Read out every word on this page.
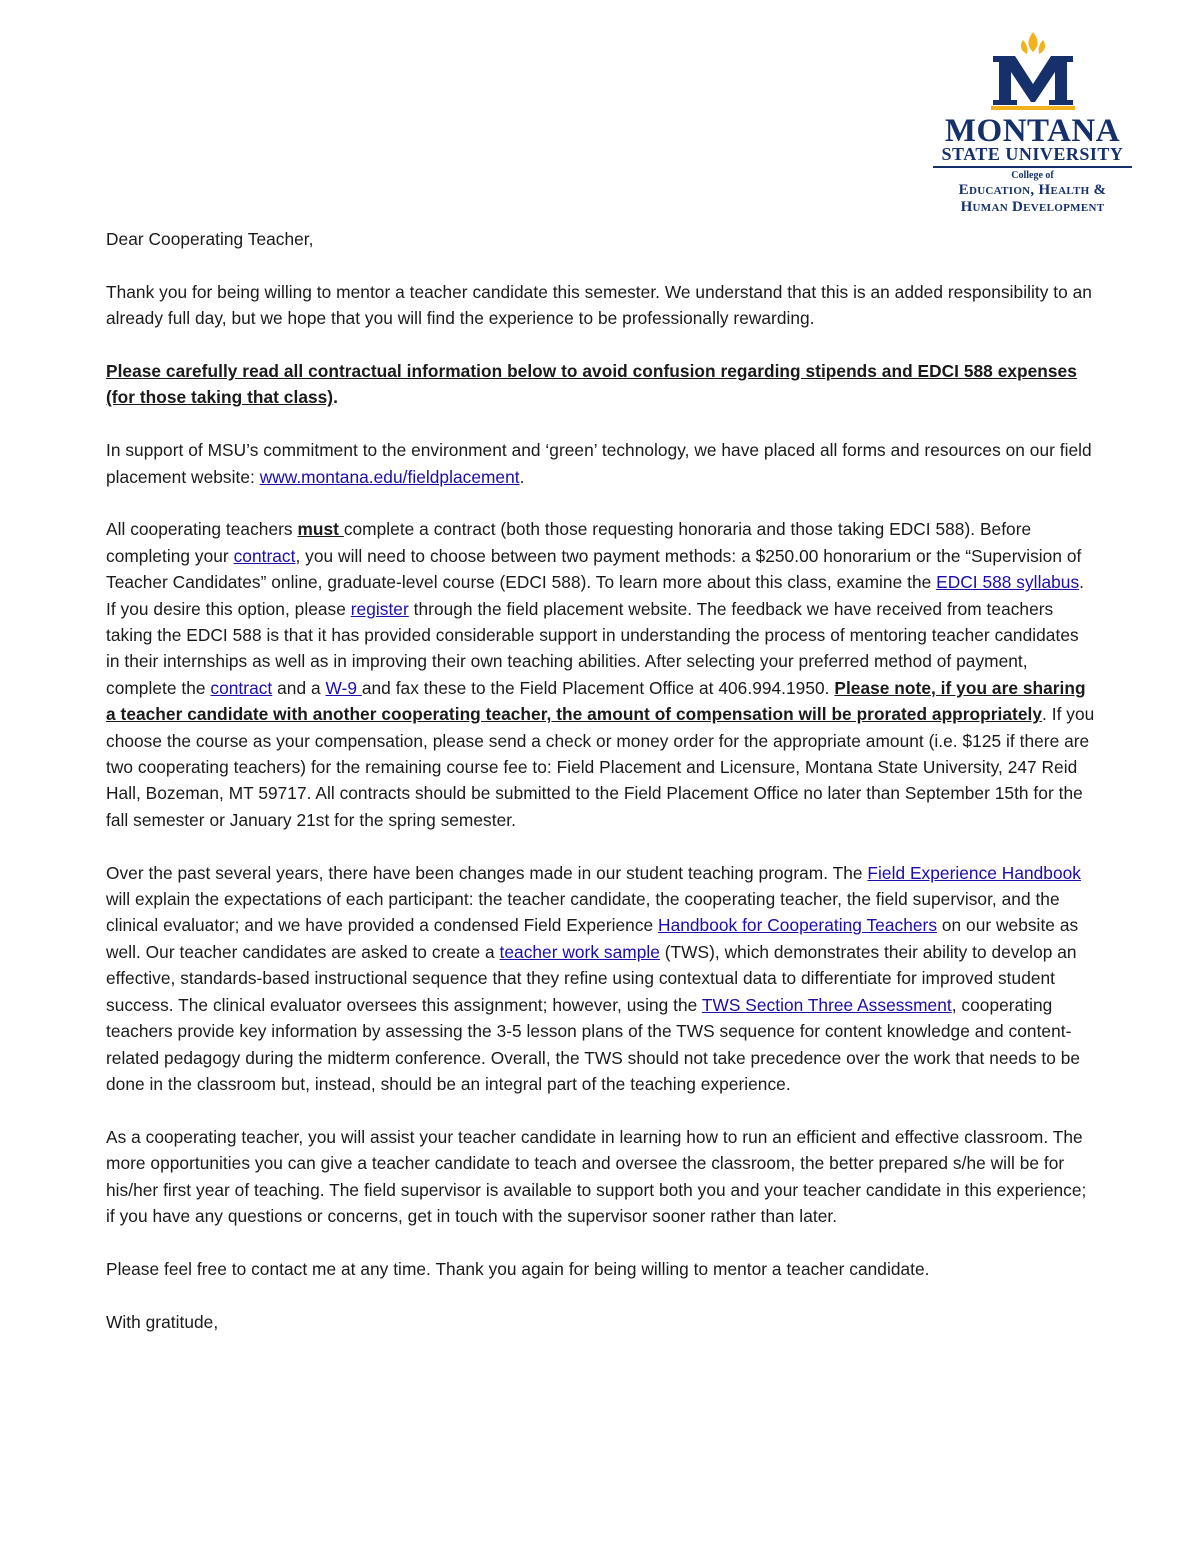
MONTANA
STATE UNIVERSITY
College of
Education, Health &
Human Development

Dear Cooperating Teacher,

Thank you for being willing to mentor a teacher candidate this semester. We understand that this is an added responsibility to an already full day, but we hope that you will find the experience to be professionally rewarding.

Please carefully read all contractual information below to avoid confusion regarding stipends and EDCI 588 expenses (for those taking that class).

In support of MSU’s commitment to the environment and ‘green’ technology, we have placed all forms and resources on our field placement website: www.montana.edu/fieldplacement.

All cooperating teachers must complete a contract (both those requesting honoraria and those taking EDCI 588). Before completing your contract, you will need to choose between two payment methods: a $250.00 honorarium or the “Supervision of Teacher Candidates” online, graduate-level course (EDCI 588). To learn more about this class, examine the EDCI 588 syllabus. If you desire this option, please register through the field placement website. The feedback we have received from teachers taking the EDCI 588 is that it has provided considerable support in understanding the process of mentoring teacher candidates in their internships as well as in improving their own teaching abilities. After selecting your preferred method of payment, complete the contract and a W-9 and fax these to the Field Placement Office at 406.994.1950. Please note, if you are sharing a teacher candidate with another cooperating teacher, the amount of compensation will be prorated appropriately. If you choose the course as your compensation, please send a check or money order for the appropriate amount (i.e. $125 if there are two cooperating teachers) for the remaining course fee to: Field Placement and Licensure, Montana State University, 247 Reid Hall, Bozeman, MT 59717. All contracts should be submitted to the Field Placement Office no later than September 15th for the fall semester or January 21st for the spring semester.

Over the past several years, there have been changes made in our student teaching program. The Field Experience Handbook will explain the expectations of each participant: the teacher candidate, the cooperating teacher, the field supervisor, and the clinical evaluator; and we have provided a condensed Field Experience Handbook for Cooperating Teachers on our website as well. Our teacher candidates are asked to create a teacher work sample (TWS), which demonstrates their ability to develop an effective, standards-based instructional sequence that they refine using contextual data to differentiate for improved student success. The clinical evaluator oversees this assignment; however, using the TWS Section Three Assessment, cooperating teachers provide key information by assessing the 3-5 lesson plans of the TWS sequence for content knowledge and content-related pedagogy during the midterm conference. Overall, the TWS should not take precedence over the work that needs to be done in the classroom but, instead, should be an integral part of the teaching experience.

As a cooperating teacher, you will assist your teacher candidate in learning how to run an efficient and effective classroom. The more opportunities you can give a teacher candidate to teach and oversee the classroom, the better prepared s/he will be for his/her first year of teaching. The field supervisor is available to support both you and your teacher candidate in this experience; if you have any questions or concerns, get in touch with the supervisor sooner rather than later.

Please feel free to contact me at any time. Thank you again for being willing to mentor a teacher candidate.

With gratitude,
